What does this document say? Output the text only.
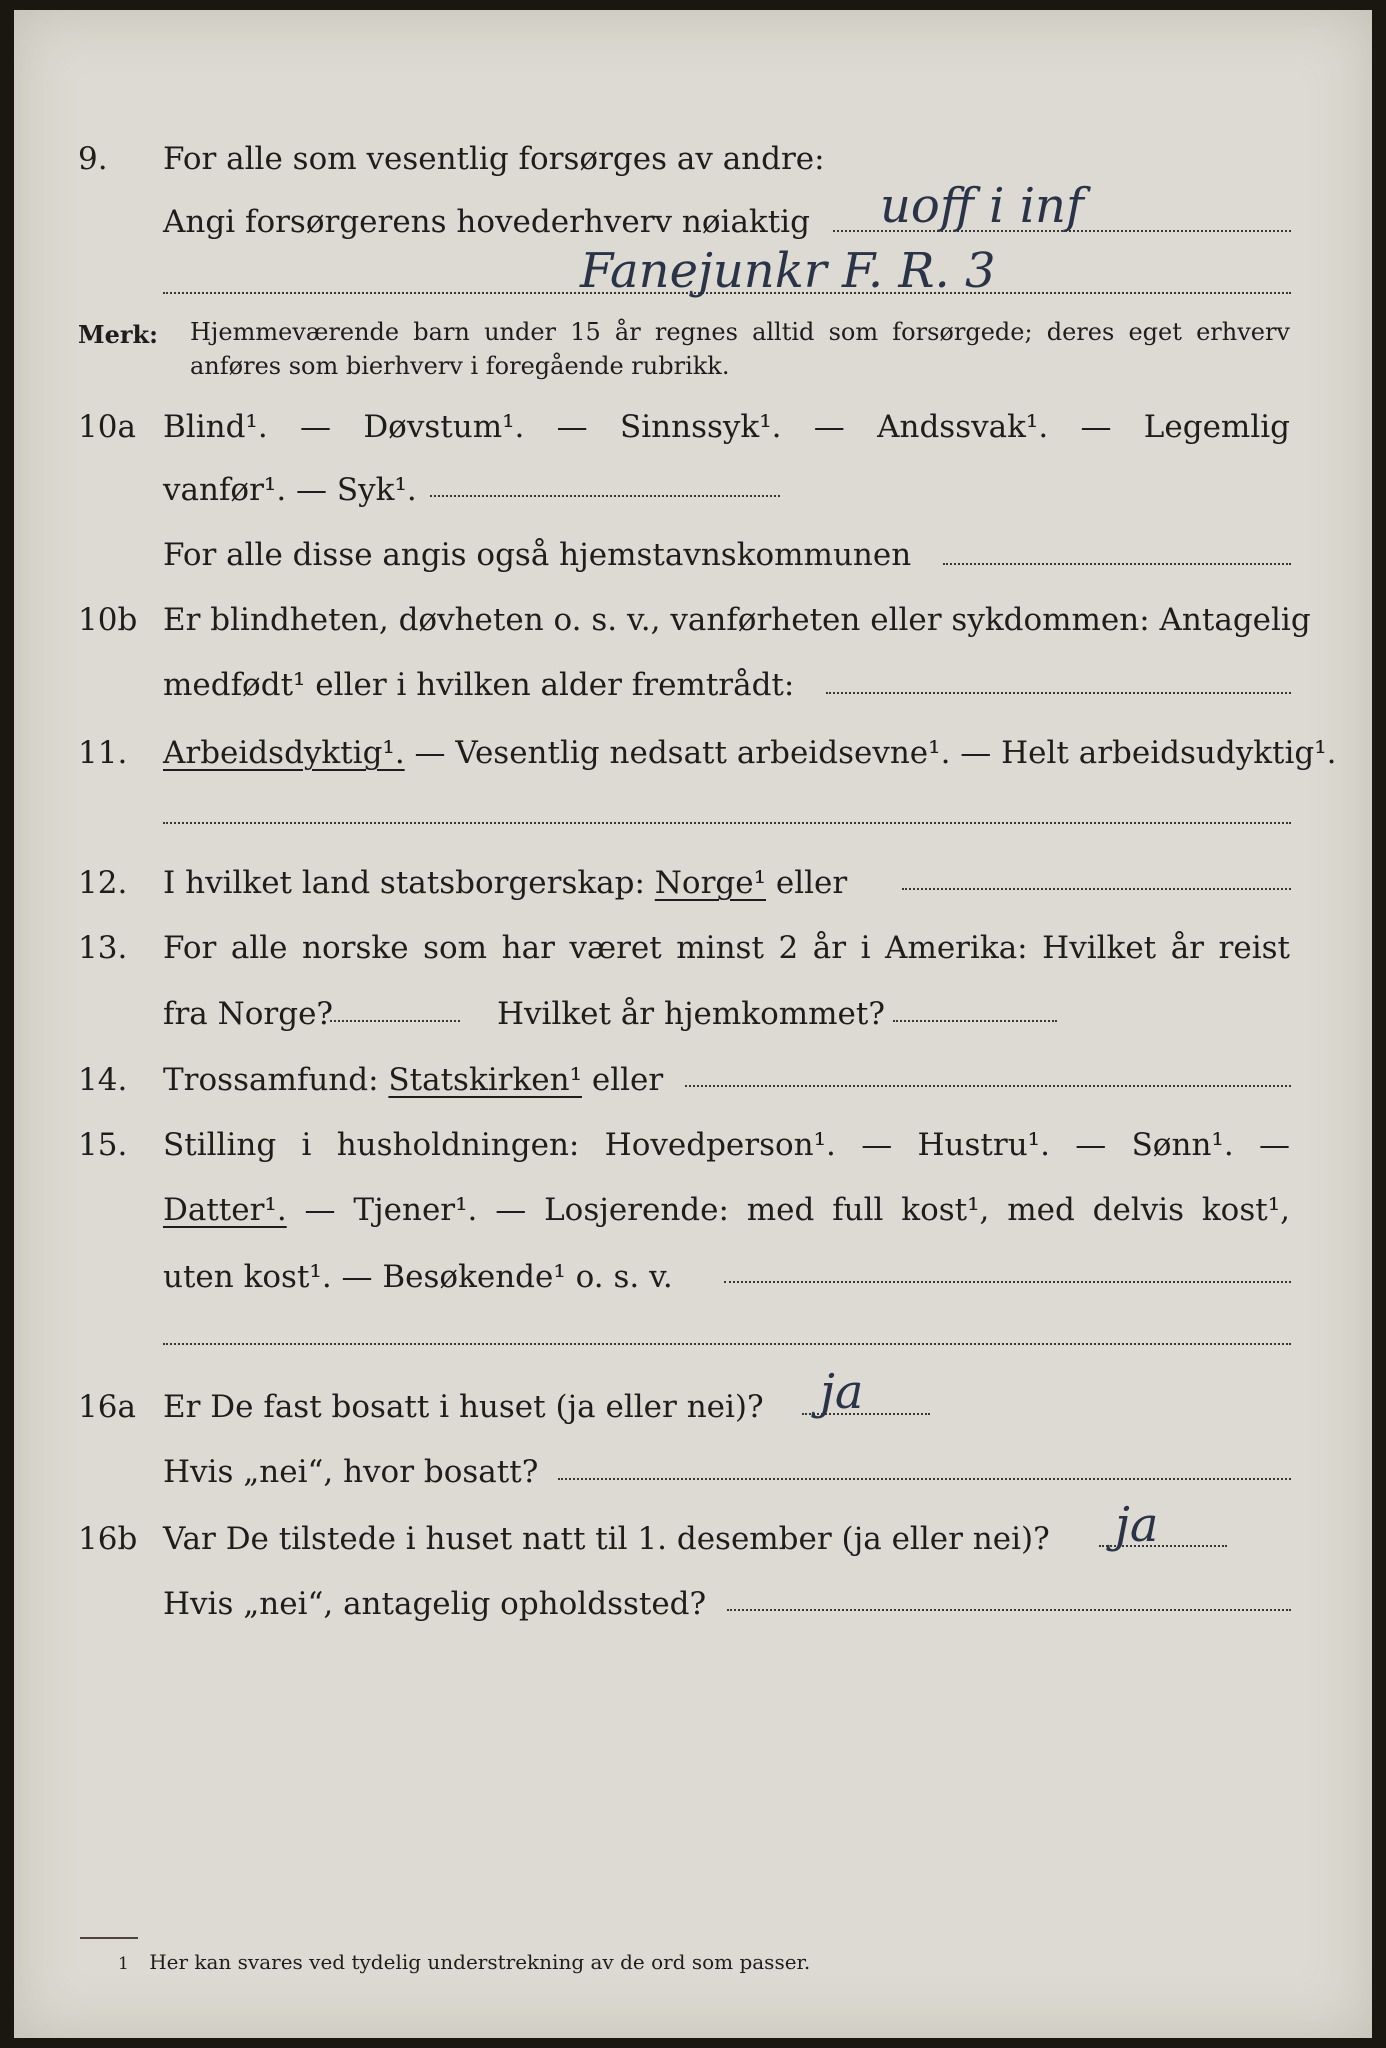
9. For alle som vesentlig forsørges av andre:
Angi forsørgerens hovederhverv nøiaktig uoff i inf
Fanejunkr F. R. 3
Merk: Hjemmeværende barn under 15 år regnes alltid som forsørgede; deres eget erhverv
anføres som bierhverv i foregående rubrikk.
10a Blind¹. — Døvstum¹. — Sinnssyk¹. — Andssvak¹. — Legemlig
vanfør¹. — Syk¹.
For alle disse angis også hjemstavnskommunen
10b Er blindheten, døvheten o. s. v., vanførheten eller sykdommen: Antagelig
medfødt¹ eller i hvilken alder fremtrådt:
11. Arbeidsdyktig¹. — Vesentlig nedsatt arbeidsevne¹. — Helt arbeidsudyktig¹.
12. I hvilket land statsborgerskap: Norge¹ eller
13. For alle norske som har været minst 2 år i Amerika: Hvilket år reist
fra Norge?	Hvilket år hjemkommet?
14. Trossamfund: Statskirken¹ eller
15. Stilling i husholdningen: Hovedperson¹. — Hustru¹. — Sønn¹. —
Datter¹. — Tjener¹. — Losjerende: med full kost¹, med delvis kost¹,
uten kost¹. — Besøkende¹ o. s. v.
16a Er De fast bosatt i huset (ja eller nei)? ja
Hvis „nei“, hvor bosatt?
16b Var De tilstede i huset natt til 1. desember (ja eller nei)? ja
Hvis „nei“, antagelig opholdssted?
1 Her kan svares ved tydelig understrekning av de ord som passer.
